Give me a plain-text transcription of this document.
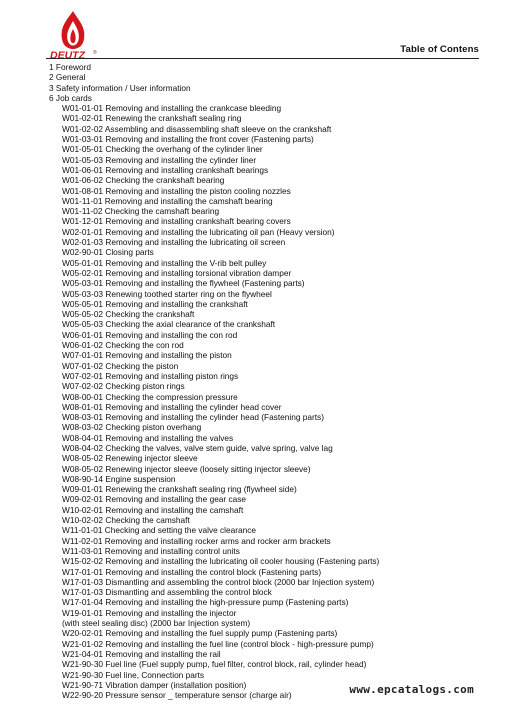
DEUTZ ®	Table of Contens
1 Foreword
2 General
3 Safety information / User information
6 Job cards
W01-01-01 Removing and installing the crankcase bleeding
W01-02-01 Renewing the crankshaft sealing ring
W01-02-02 Assembling and disassembling shaft sleeve on the crankshaft
W01-03-01 Removing and installing the front cover (Fastening parts)
W01-05-01 Checking the overhang of the cylinder liner
W01-05-03 Removing and installing the cylinder liner
W01-06-01 Removing and installing crankshaft bearings
W01-06-02 Checking the crankshaft bearing
W01-08-01 Removing and installing the piston cooling nozzles
W01-11-01 Removing and installing the camshaft bearing
W01-11-02 Checking the camshaft bearing
W01-12-01 Removing and installing crankshaft bearing covers
W02-01-01 Removing and installing the lubricating oil pan (Heavy version)
W02-01-03 Removing and installing the lubricating oil screen
W02-90-01 Closing parts
W05-01-01 Removing and installing the V-rib belt pulley
W05-02-01 Removing and installing torsional vibration damper
W05-03-01 Removing and installing the flywheel (Fastening parts)
W05-03-03 Renewing toothed starter ring on the flywheel
W05-05-01 Removing and installing the crankshaft
W05-05-02 Checking the crankshaft
W05-05-03 Checking the axial clearance of the crankshaft
W06-01-01 Removing and installing the con rod
W06-01-02 Checking the con rod
W07-01-01 Removing and installing the piston
W07-01-02 Checking the piston
W07-02-01 Removing and installing piston rings
W07-02-02 Checking piston rings
W08-00-01 Checking the compression pressure
W08-01-01 Removing and installing the cylinder head cover
W08-03-01 Removing and installing the cylinder head (Fastening parts)
W08-03-02 Checking piston overhang
W08-04-01 Removing and installing the valves
W08-04-02 Checking the valves, valve stem guide, valve spring, valve lag
W08-05-02 Renewing injector sleeve
W08-05-02 Renewing injector sleeve (loosely sitting injector sleeve)
W08-90-14 Engine suspension
W09-01-01 Renewing the crankshaft sealing ring (flywheel side)
W09-02-01 Removing and installing the gear case
W10-02-01 Removing and installing the camshaft
W10-02-02 Checking the camshaft
W11-01-01 Checking and setting the valve clearance
W11-02-01 Removing and installing rocker arms and rocker arm brackets
W11-03-01 Removing and installing control units
W15-02-02 Removing and installing the lubricating oil cooler housing (Fastening parts)
W17-01-01 Removing and installing the control block (Fastening parts)
W17-01-03 Dismantling and assembling the control block (2000 bar Injection system)
W17-01-03 Dismantling and assembling the control block
W17-01-04 Removing and installing the high-pressure pump (Fastening parts)
W19-01-01 Removing and installing the injector
(with steel sealing disc) (2000 bar Injection system)
W20-02-01 Removing and installing the fuel supply pump (Fastening parts)
W21-01-02 Removing and installing the fuel line (control block - high-pressure pump)
W21-04-01 Removing and installing the rail
W21-90-30 Fuel line (Fuel supply pump, fuel filter, control block, rail, cylinder head)
W21-90-30 Fuel line, Connection parts
W21-90-71 Vibration damper (installation position)
W22-90-20 Pressure sensor _ temperature sensor (charge air)	www.epcatalogs.com
